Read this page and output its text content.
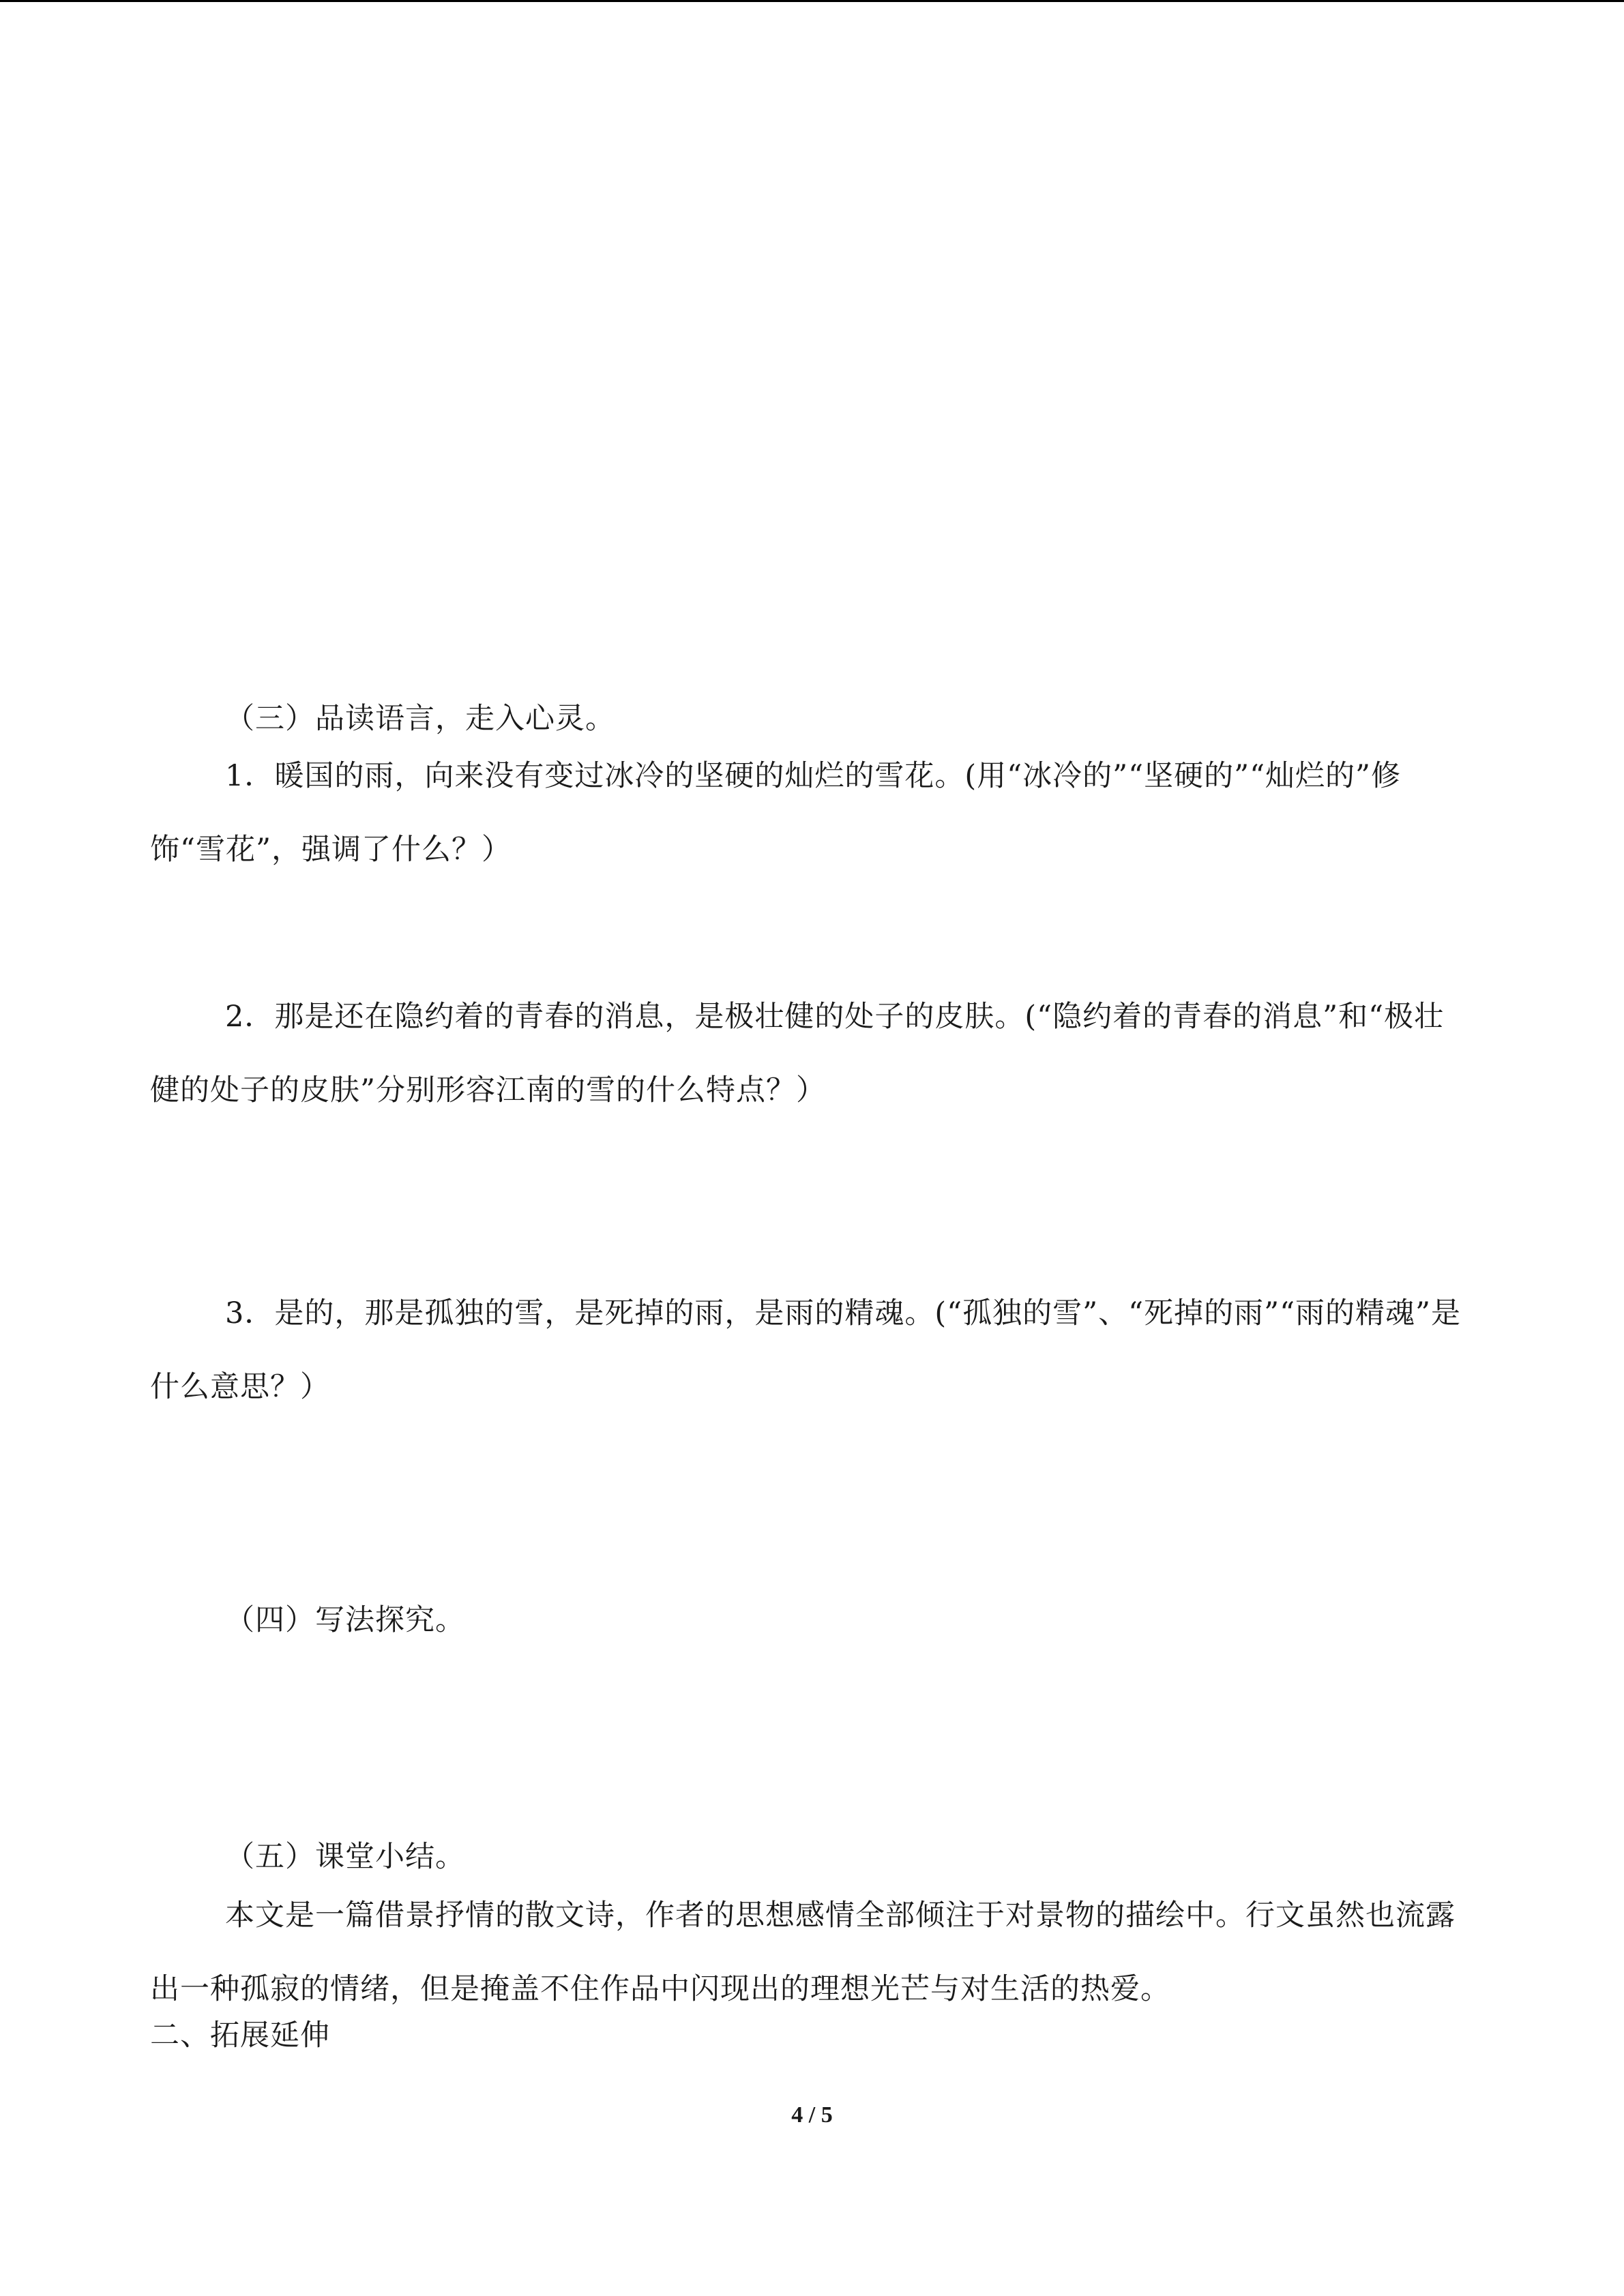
（三）品读语言，走入心灵。

1．暖国的雨，向来没有变过冰冷的坚硬的灿烂的雪花。(用“冰冷的”“坚硬的”“灿烂的”修饰“雪花”，强调了什么？）

2．那是还在隐约着的青春的消息，是极壮健的处子的皮肤。(“隐约着的青春的消息”和“极壮健的处子的皮肤”分别形容江南的雪的什么特点？）

3．是的，那是孤独的雪，是死掉的雨，是雨的精魂。(“孤独的雪”、“死掉的雨”“雨的精魂”是什么意思？）

（四）写法探究。

（五）课堂小结。

本文是一篇借景抒情的散文诗，作者的思想感情全部倾注于对景物的描绘中。行文虽然也流露出一种孤寂的情绪，但是掩盖不住作品中闪现出的理想光芒与对生活的热爱。

二、拓展延伸

4 / 5
